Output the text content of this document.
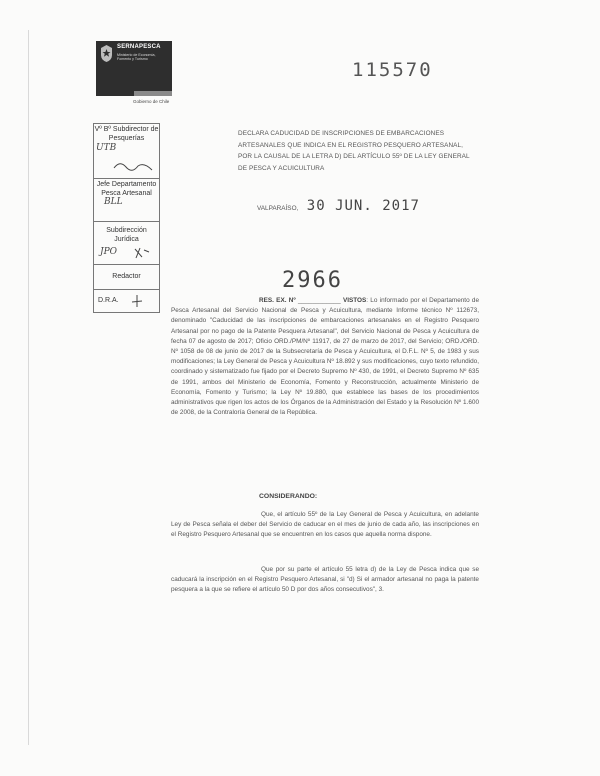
SERNAPESCA
Ministerio de Economía, Fomento y Turismo
Gobierno de Chile
115570
Vº Bº Subdirector de Pesquerías
UTB
Jefe Departamento Pesca Artesanal
BLL
Subdirección Jurídica
JPO
Redactor
D.R.A.
DECLARA CADUCIDAD DE INSCRIPCIONES DE EMBARCACIONES ARTESANALES QUE INDICA EN EL REGISTRO PESQUERO ARTESANAL, POR LA CAUSAL DE LA LETRA D) DEL ARTÍCULO 55º DE LA LEY GENERAL DE PESCA Y ACUICULTURA
VALPARAÍSO, 30 JUN. 2017
2966
RES. EX. Nº ____________ VISTOS: Lo informado por el Departamento de Pesca Artesanal del Servicio Nacional de Pesca y Acuicultura, mediante Informe técnico Nº 112673, denominado "Caducidad de las inscripciones de embarcaciones artesanales en el Registro Pesquero Artesanal por no pago de la Patente Pesquera Artesanal", del Servicio Nacional de Pesca y Acuicultura de fecha 07 de agosto de 2017; Oficio ORD./PM/Nº 11917, de 27 de marzo de 2017, del Servicio; ORD./ORD. Nº 1058 de 08 de junio de 2017 de la Subsecretaría de Pesca y Acuicultura, el D.F.L. Nº 5, de 1983 y sus modificaciones; la Ley General de Pesca y Acuicultura Nº 18.892 y sus modificaciones, cuyo texto refundido, coordinado y sistematizado fue fijado por el Decreto Supremo Nº 430, de 1991, el Decreto Supremo Nº 635 de 1991, ambos del Ministerio de Economía, Fomento y Reconstrucción, actualmente Ministerio de Economía, Fomento y Turismo; la Ley Nº 19.880, que establece las bases de los procedimientos administrativos que rigen los actos de los Órganos de la Administración del Estado y la Resolución Nº 1.600 de 2008, de la Contraloría General de la República.
CONSIDERANDO:
Que, el artículo 55º de la Ley General de Pesca y Acuicultura, en adelante Ley de Pesca señala el deber del Servicio de caducar en el mes de junio de cada año, las inscripciones en el Registro Pesquero Artesanal que se encuentren en los casos que aquella norma dispone.
Que por su parte el artículo 55 letra d) de la Ley de Pesca indica que se caducará la inscripción en el Registro Pesquero Artesanal, si "d) Si el armador artesanal no paga la patente pesquera a la que se refiere el artículo 50 D por dos años consecutivos", 3.
